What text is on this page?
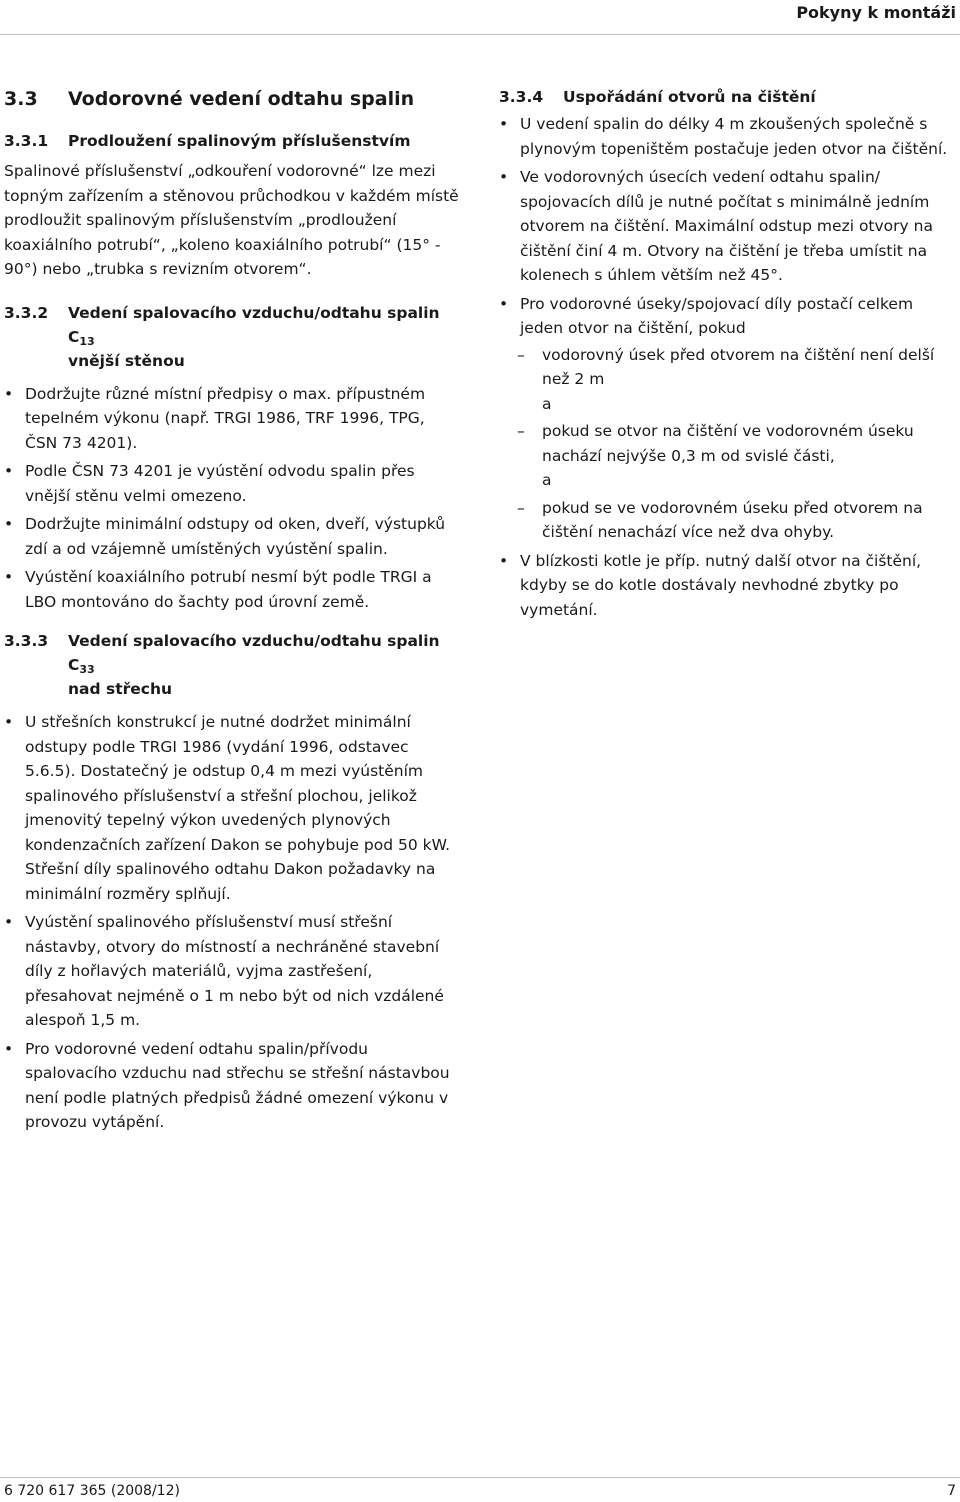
Pokyny k montáži
3.3	Vodorovné vedení odtahu spalin
3.3.1	Prodloužení spalinovým příslušenstvím

Spalinové příslušenství „odkouření vodorovné“ lze mezi topným zařízením a stěnovou průchodkou v každém místě prodloužit spalinovým příslušenstvím „prodloužení koaxiálního potrubí“, „koleno koaxiálního potrubí“ (15° - 90°) nebo „trubka s revizním otvorem“.

3.3.2	Vedení spalovacího vzduchu/odtahu spalin $C_{13}$
vnější stěnou
• Dodržujte různé místní předpisy o max. přípustném tepelném výkonu (např. TRGI 1986, TRF 1996, TPG, ČSN 73 4201).
• Podle ČSN 73 4201 je vyústění odvodu spalin přes vnější stěnu velmi omezeno.
• Dodržujte minimální odstupy od oken, dveří, výstupků zdí a od vzájemně umístěných vyústění spalin.
• Vyústění koaxiálního potrubí nesmí být podle TRGI a LBO montováno do šachty pod úrovní země.
3.3.3	Vedení spalovacího vzduchu/odtahu spalin $C_{33}$
nad střechu
• U střešních konstrukcí je nutné dodržet minimální odstupy podle TRGI 1986 (vydání 1996, odstavec 5.6.5). Dostatečný je odstup 0,4 m mezi vyústěním spalinového příslušenství a střešní plochou, jelikož jmenovitý tepelný výkon uvedených plynových kondenzačních zařízení Dakon se pohybuje pod 50 kW. Střešní díly spalinového odtahu Dakon požadavky na minimální rozměry splňují.
• Vyústění spalinového příslušenství musí střešní nástavby, otvory do místností a nechráněné stavební díly z hořlavých materiálů, vyjma zastřešení, přesahovat nejméně o 1 m nebo být od nich vzdálené alespoň 1,5 m.
• Pro vodorovné vedení odtahu spalin/přívodu spalovacího vzduchu nad střechu se střešní nástavbou není podle platných předpisů žádné omezení výkonu v provozu vytápění.
3.3.4	Uspořádání otvorů na čištění
• U vedení spalin do délky 4 m zkoušených společně s plynovým topeništěm postačuje jeden otvor na čištění.
• Ve vodorovných úsecích vedení odtahu spalin/ spojovacích dílů je nutné počítat s minimálně jedním otvorem na čištění. Maximální odstup mezi otvory na čištění činí 4 m. Otvory na čištění je třeba umístit na kolenech s úhlem větším než 45°.
• Pro vodorovné úseky/spojovací díly postačí celkem jeden otvor na čištění, pokud
– vodorovný úsek před otvorem na čištění není delší než 2 m
a
– pokud se otvor na čištění ve vodorovném úseku nachází nejvýše 0,3 m od svislé části,
a
– pokud se ve vodorovném úseku před otvorem na čištění nenachází více než dva ohyby.
• V blízkosti kotle je příp. nutný další otvor na čištění, kdyby se do kotle dostávaly nevhodné zbytky po vymetání.
6 720 617 365 (2008/12)	7
